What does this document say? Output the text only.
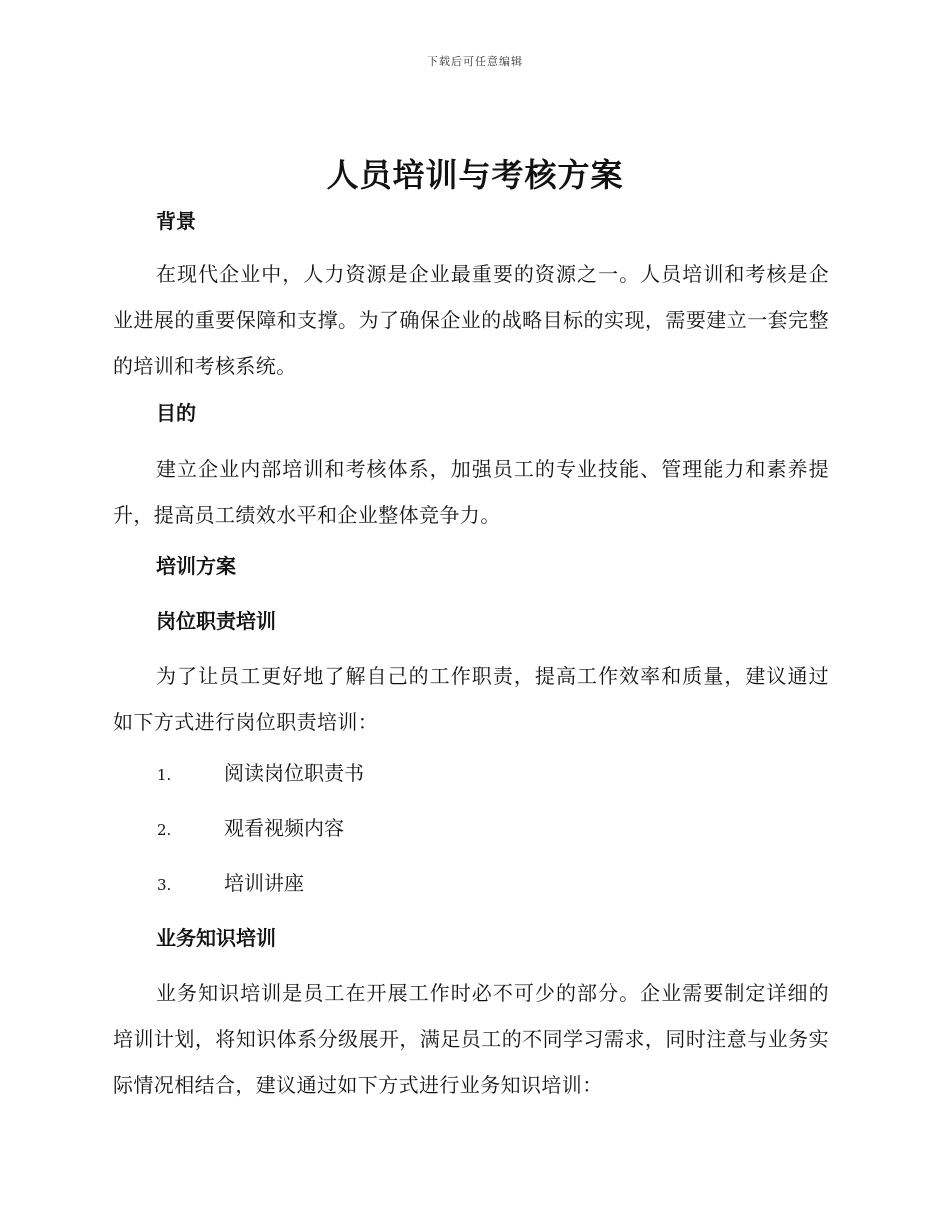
下载后可任意编辑
人员培训与考核方案

背景

在现代企业中，人力资源是企业最重要的资源之一。人员培训和考核是企业进展的重要保障和支撑。为了确保企业的战略目标的实现，需要建立一套完整的培训和考核系统。

目的

建立企业内部培训和考核体系，加强员工的专业技能、管理能力和素养提升，提高员工绩效水平和企业整体竞争力。

培训方案

岗位职责培训

为了让员工更好地了解自己的工作职责，提高工作效率和质量，建议通过如下方式进行岗位职责培训：

1.	阅读岗位职责书
2.	观看视频内容
3.	培训讲座

业务知识培训

业务知识培训是员工在开展工作时必不可少的部分。企业需要制定详细的培训计划，将知识体系分级展开，满足员工的不同学习需求，同时注意与业务实际情况相结合，建议通过如下方式进行业务知识培训：
